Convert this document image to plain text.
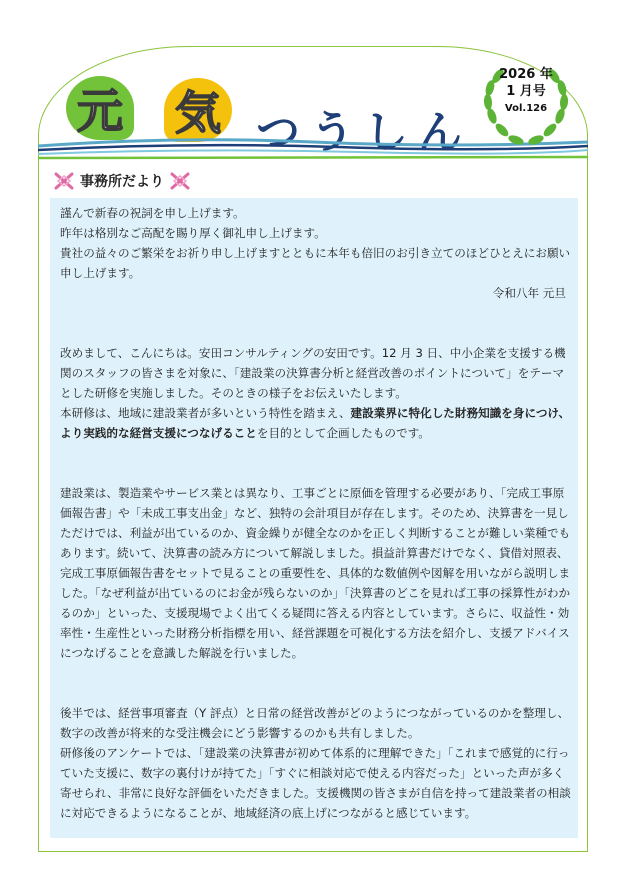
元 気 つうしん
2026 年
1 月号
Vol.126
事務所だより

謹んで新春の祝詞を申し上げます。

昨年は格別なご高配を賜り厚く御礼申し上げます。

貴社の益々のご繁栄をお祈り申し上げますとともに本年も倍旧のお引き立てのほどひとえにお願い申し上げます。

令和八年 元旦

改めまして、こんにちは。安田コンサルティングの安田です。12 月 3 日、中小企業を支援する機関のスタッフの皆さまを対象に、「建設業の決算書分析と経営改善のポイントについて」をテーマとした研修を実施しました。そのときの様子をお伝えいたします。

本研修は、地域に建設業者が多いという特性を踏まえ、建設業界に特化した財務知識を身につけ、より実践的な経営支援につなげることを目的として企画したものです。

建設業は、製造業やサービス業とは異なり、工事ごとに原価を管理する必要があり、「完成工事原価報告書」や「未成工事支出金」など、独特の会計項目が存在します。そのため、決算書を一見しただけでは、利益が出ているのか、資金繰りが健全なのかを正しく判断することが難しい業種でもあります。続いて、決算書の読み方について解説しました。損益計算書だけでなく、貸借対照表、完成工事原価報告書をセットで見ることの重要性を、具体的な数値例や図解を用いながら説明しました。「なぜ利益が出ているのにお金が残らないのか」「決算書のどこを見れば工事の採算性がわかるのか」といった、支援現場でよく出てくる疑問に答える内容としています。さらに、収益性・効率性・生産性といった財務分析指標を用い、経営課題を可視化する方法を紹介し、支援アドバイスにつなげることを意識した解説を行いました。

後半では、経営事項審査（Y 評点）と日常の経営改善がどのようにつながっているのかを整理し、数字の改善が将来的な受注機会にどう影響するのかも共有しました。

研修後のアンケートでは、「建設業の決算書が初めて体系的に理解できた」「これまで感覚的に行っていた支援に、数字の裏付けが持てた」「すぐに相談対応で使える内容だった」といった声が多く寄せられ、非常に良好な評価をいただきました。支援機関の皆さまが自信を持って建設業者の相談に対応できるようになることが、地域経済の底上げにつながると感じています。
